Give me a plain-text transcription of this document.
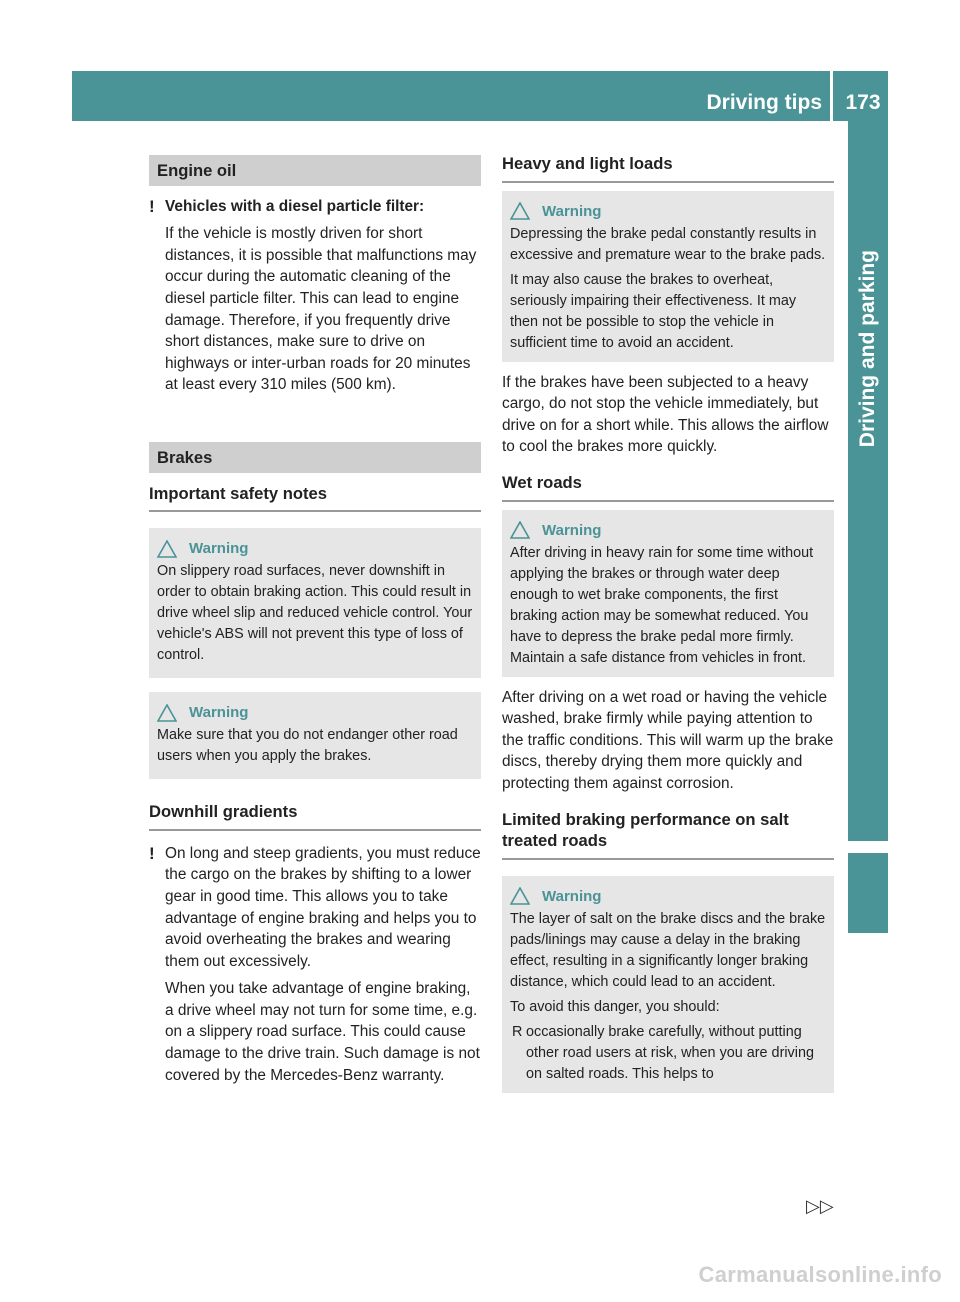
Driving tips	173
Driving and parking
Engine oil
! Vehicles with a diesel particle filter:

If the vehicle is mostly driven for short distances, it is possible that malfunctions may occur during the automatic cleaning of the diesel particle filter. This can lead to engine damage. Therefore, if you frequently drive short distances, make sure to drive on highways or inter-urban roads for 20 minutes at least every 310 miles (500 km).

Brakes
Important safety notes
Warning

On slippery road surfaces, never downshift in order to obtain braking action. This could result in drive wheel slip and reduced vehicle control. Your vehicle's ABS will not prevent this type of loss of control.

Warning

Make sure that you do not endanger other road users when you apply the brakes.

Downhill gradients
! On long and steep gradients, you must reduce the cargo on the brakes by shifting to a lower gear in good time. This allows you to take advantage of engine braking and helps you to avoid overheating the brakes and wearing them out excessively.

When you take advantage of engine braking, a drive wheel may not turn for some time, e.g. on a slippery road surface. This could cause damage to the drive train. Such damage is not covered by the Mercedes-Benz warranty.

Heavy and light loads
Warning

Depressing the brake pedal constantly results in excessive and premature wear to the brake pads.

It may also cause the brakes to overheat, seriously impairing their effectiveness. It may then not be possible to stop the vehicle in sufficient time to avoid an accident.

If the brakes have been subjected to a heavy cargo, do not stop the vehicle immediately, but drive on for a short while. This allows the airflow to cool the brakes more quickly.

Wet roads
Warning

After driving in heavy rain for some time without applying the brakes or through water deep enough to wet brake components, the first braking action may be somewhat reduced. You have to depress the brake pedal more firmly. Maintain a safe distance from vehicles in front.

After driving on a wet road or having the vehicle washed, brake firmly while paying attention to the traffic conditions. This will warm up the brake discs, thereby drying them more quickly and protecting them against corrosion.

Limited braking performance on salt treated roads
Warning

The layer of salt on the brake discs and the brake pads/linings may cause a delay in the braking effect, resulting in a significantly longer braking distance, which could lead to an accident.

To avoid this danger, you should:

R occasionally brake carefully, without putting other road users at risk, when you are driving on salted roads. This helps to
▷▷
Carmanualsonline.info
